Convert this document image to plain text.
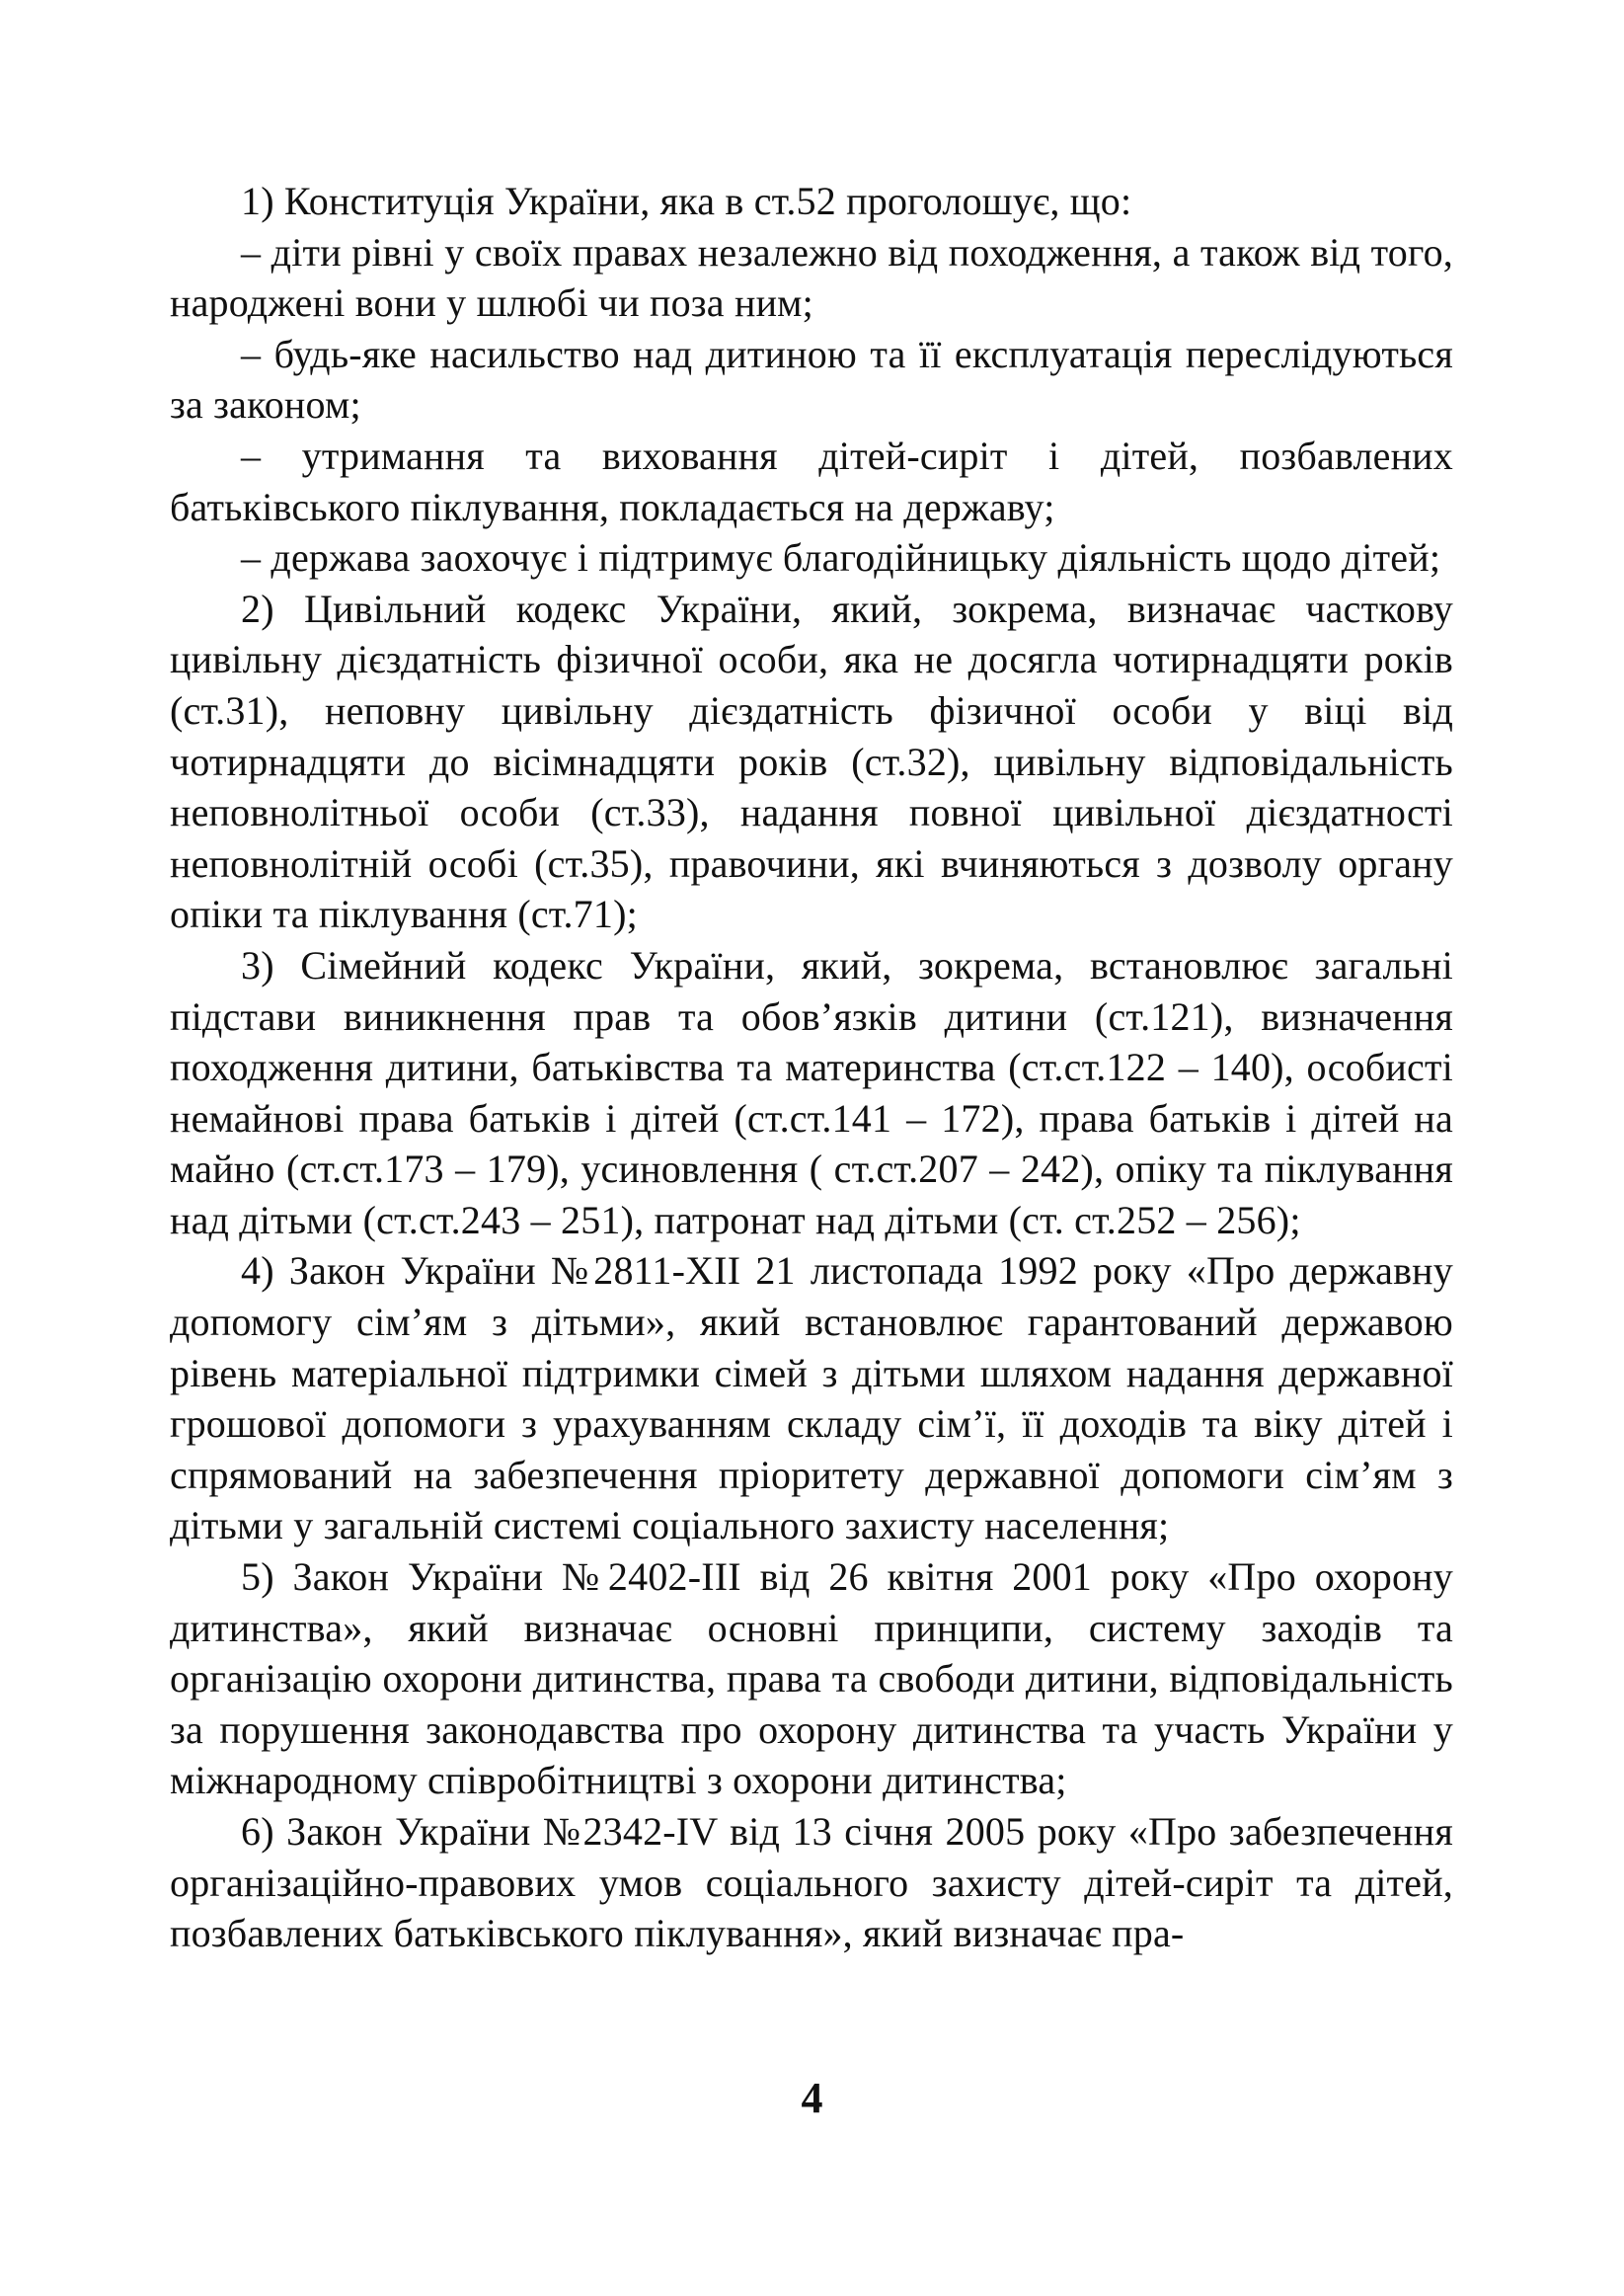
1) Конституція України, яка в ст.52 проголошує, що:

– діти рівні у своїх правах незалежно від походження, а також від того, народжені вони у шлюбі чи поза ним;

– будь-яке насильство над дитиною та її експлуатація переслідуються за законом;

– утримання та виховання дітей-сиріт і дітей, позбавлених батьківського піклування, покладається на державу;

– держава заохочує і підтримує благодійницьку діяльність щодо дітей;

2) Цивільний кодекс України, який, зокрема, визначає часткову цивільну дієздатність фізичної особи, яка не досягла чотирнадцяти років (ст.31), неповну цивільну дієздатність фізичної особи у віці від чотирнадцяти до вісімнадцяти років (ст.32), цивільну відповідальність неповнолітньої особи (ст.33), надання повної цивільної дієздатності неповнолітній особі (ст.35), правочини, які вчиняються з дозволу органу опіки та піклування (ст.71);

3) Сімейний кодекс України, який, зокрема, встановлює загальні підстави виникнення прав та обов’язків дитини (ст.121), визначення походження дитини, батьківства та материнства (ст.ст.122 – 140), особисті немайнові права батьків і дітей (ст.ст.141 – 172), права батьків і дітей на майно (ст.ст.173 – 179), усиновлення ( ст.ст.207 – 242), опіку та піклування над дітьми (ст.ст.243 – 251), патронат над дітьми (ст. ст.252 – 256);

4) Закон України №2811-XII 21 листопада 1992 року «Про державну допомогу сім’ям з дітьми», який встановлює гарантований державою рівень матеріальної підтримки сімей з дітьми шляхом надання державної грошової допомоги з урахуванням складу сім’ї, її доходів та віку дітей і спрямований на забезпечення пріоритету державної допомоги сім’ям з дітьми у загальній системі соціального захисту населення;

5) Закон України №2402-III від 26 квітня 2001 року «Про охорону дитинства», який визначає основні принципи, систему заходів та організацію охорони дитинства, права та свободи дитини, відповідальність за порушення законодавства про охорону дитинства та участь України у міжнародному співробітництві з охорони дитинства;

6) Закон України №2342-IV від 13 січня 2005 року «Про забезпечення організаційно-правових умов соціального захисту дітей-сиріт та дітей, позбавлених батьківського піклування», який визначає пра-

4
